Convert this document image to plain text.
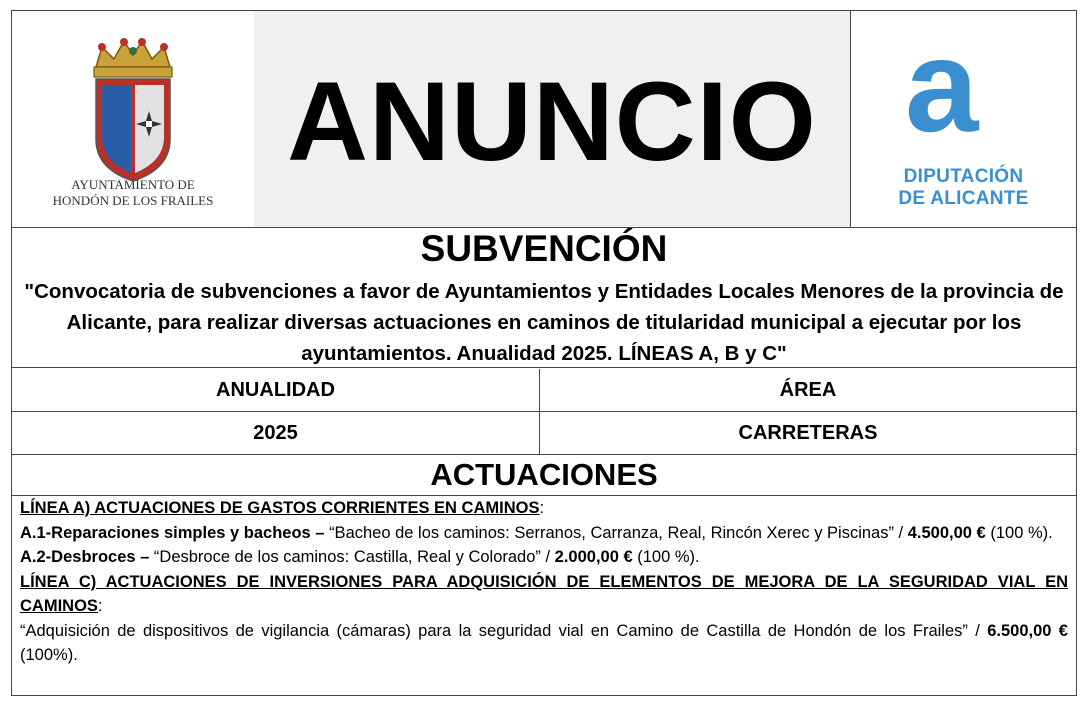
AYUNTAMIENTO DE
HONDÓN DE LOS FRAILES
ANUNCIO a
DIPUTACIÓN
DE ALICANTE
SUBVENCIÓN
"Convocatoria de subvenciones a favor de Ayuntamientos y Entidades Locales Menores de la provincia de Alicante, para realizar diversas actuaciones en caminos de titularidad municipal a ejecutar por los ayuntamientos. Anualidad 2025. LÍNEAS A, B y C"
ANUALIDAD	ÁREA
2025	CARRETERAS
ACTUACIONES

LÍNEA A) ACTUACIONES DE GASTOS CORRIENTES EN CAMINOS:

A.1-Reparaciones simples y bacheos – “Bacheo de los caminos: Serranos, Carranza, Real, Rincón Xerec y Piscinas” / 4.500,00 € (100 %).

A.2-Desbroces – “Desbroce de los caminos: Castilla, Real y Colorado” / 2.000,00 € (100 %).

LÍNEA C) ACTUACIONES DE INVERSIONES PARA ADQUISICIÓN DE ELEMENTOS DE MEJORA DE LA SEGURIDAD VIAL EN CAMINOS:

“Adquisición de dispositivos de vigilancia (cámaras) para la seguridad vial en Camino de Castilla de Hondón de los Frailes” / 6.500,00 € (100%).
